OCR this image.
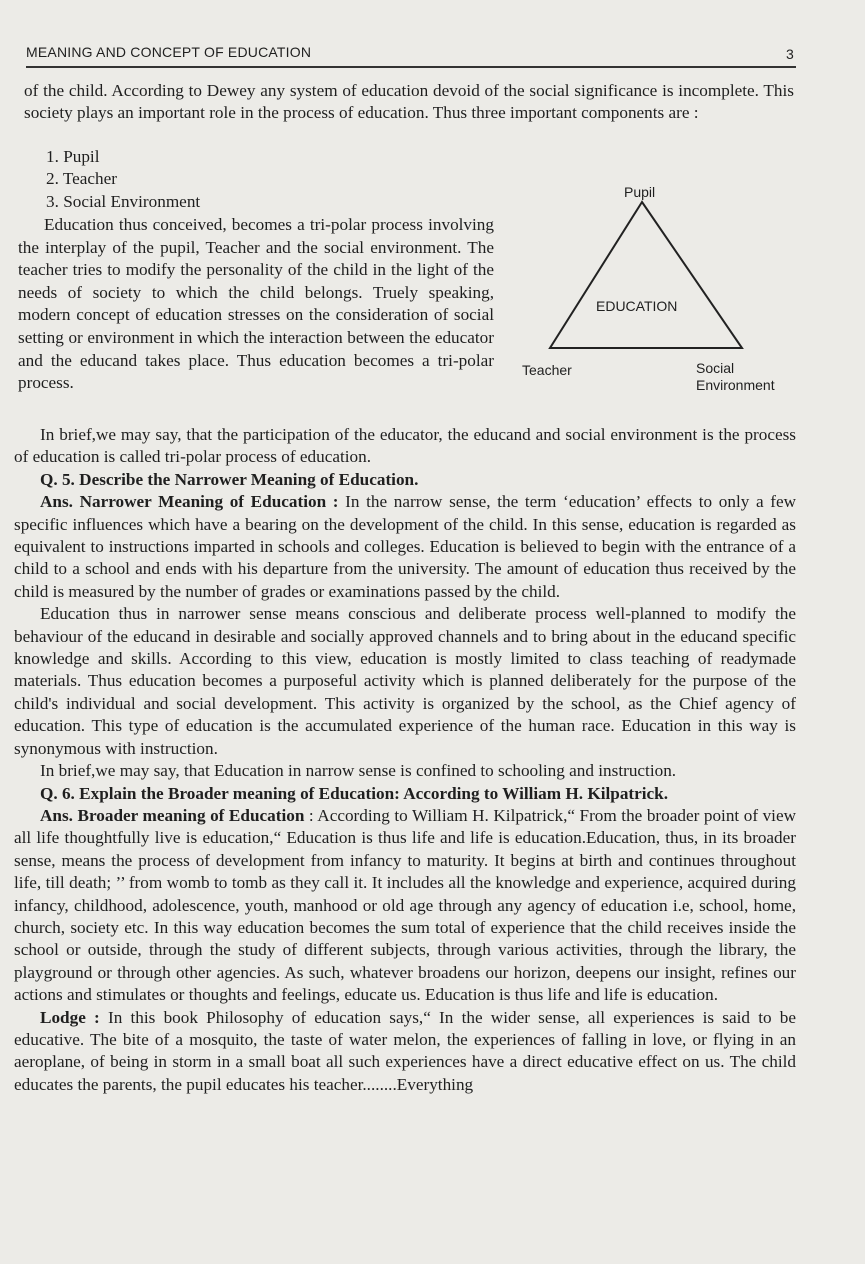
MEANING AND CONCEPT OF EDUCATION	3

of the child. According to Dewey any system of education devoid of the social significance is incomplete. This society plays an important role in the process of education. Thus three important components are :

1. Pupil
2. Teacher
3. Social Environment

Education thus conceived, becomes a tri-polar process involving the interplay of the pupil, Teacher and the social environment. The teacher tries to modify the personality of the child in the light of the needs of society to which the child belongs. Truely speaking, modern concept of education stresses on the consideration of social setting or environment in which the interaction between the educator and the educand takes place. Thus education becomes a tri-polar process.

Pupil
EDUCATION
Teacher	Social
Environment

In brief,we may say, that the participation of the educator, the educand and social environment is the process of education is called tri-polar process of education.

Q. 5. Describe the Narrower Meaning of Education.

Ans. Narrower Meaning of Education : In the narrow sense, the term ‘education’ effects to only a few specific influences which have a bearing on the development of the child. In this sense, education is regarded as equivalent to instructions imparted in schools and colleges. Education is believed to begin with the entrance of a child to a school and ends with his departure from the university. The amount of education thus received by the child is measured by the number of grades or examinations passed by the child.

Education thus in narrower sense means conscious and deliberate process well-planned to modify the behaviour of the educand in desirable and socially approved channels and to bring about in the educand specific knowledge and skills. According to this view, education is mostly limited to class teaching of readymade materials. Thus education becomes a purposeful activity which is planned deliberately for the purpose of the child's individual and social development. This activity is organized by the school, as the Chief agency of education. This type of education is the accumulated experience of the human race. Education in this way is synonymous with instruction.

In brief,we may say, that Education in narrow sense is confined to schooling and instruction.

Q. 6. Explain the Broader meaning of Education: According to William H. Kilpatrick.

Ans. Broader meaning of Education : According to William H. Kilpatrick,“ From the broader point of view all life thoughtfully live is education,“ Education is thus life and life is education.Education, thus, in its broader sense, means the process of development from infancy to maturity. It begins at birth and continues throughout life, till death; ’’ from womb to tomb as they call it. It includes all the knowledge and experience, acquired during infancy, childhood, adolescence, youth, manhood or old age through any agency of education i.e, school, home, church, society etc. In this way education becomes the sum total of experience that the child receives inside the school or outside, through the study of different subjects, through various activities, through the library, the playground or through other agencies. As such, whatever broadens our horizon, deepens our insight, refines our actions and stimulates or thoughts and feelings, educate us. Education is thus life and life is education.

Lodge : In this book Philosophy of education says,“ In the wider sense, all experiences is said to be educative. The bite of a mosquito, the taste of water melon, the experiences of falling in love, or flying in an aeroplane, of being in storm in a small boat all such experiences have a direct educative effect on us. The child educates the parents, the pupil educates his teacher........Everything
